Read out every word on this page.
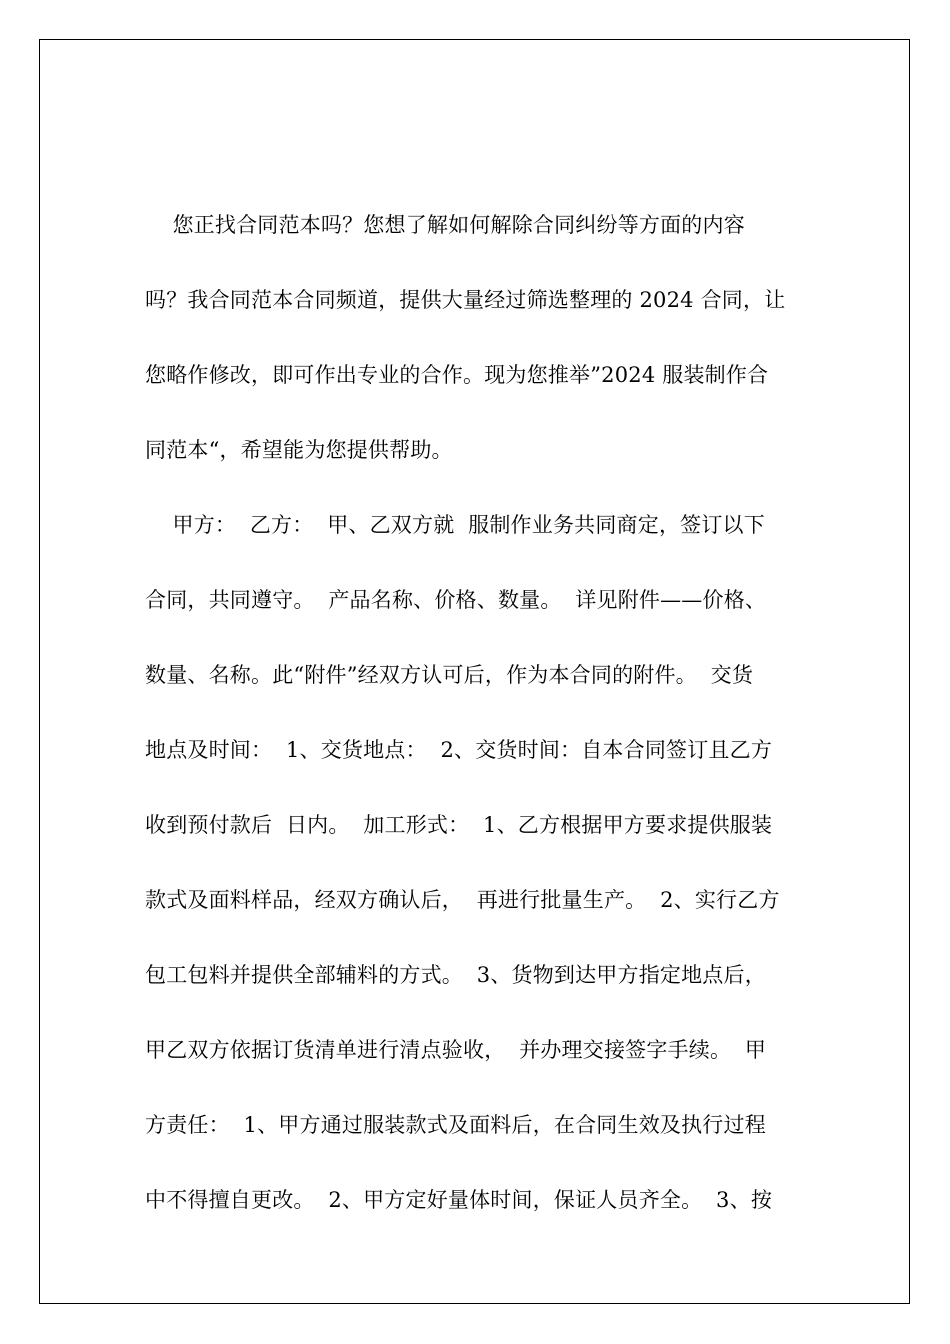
您正找合同范本吗？您想了解如何解除合同纠纷等方面的内容
吗？我合同范本合同频道，提供大量经过筛选整理的 2024 合同，让
您略作修改，即可作出专业的合作。现为您推举”2024 服装制作合
同范本“，希望能为您提供帮助。
甲方：  乙方：  甲、乙双方就  服制作业务共同商定，签订以下
合同，共同遵守。  产品名称、价格、数量。  详见附件——价格、
数量、名称。此“附件”经双方认可后，作为本合同的附件。  交货
地点及时间：  1、交货地点：  2、交货时间：自本合同签订且乙方
收到预付款后  日内。  加工形式：  1、乙方根据甲方要求提供服装
款式及面料样品，经双方确认后，  再进行批量生产。  2、实行乙方
包工包料并提供全部辅料的方式。  3、货物到达甲方指定地点后，
甲乙双方依据订货清单进行清点验收，  并办理交接签字手续。  甲
方责任：  1、甲方通过服装款式及面料后，在合同生效及执行过程
中不得擅自更改。  2、甲方定好量体时间，保证人员齐全。  3、按
